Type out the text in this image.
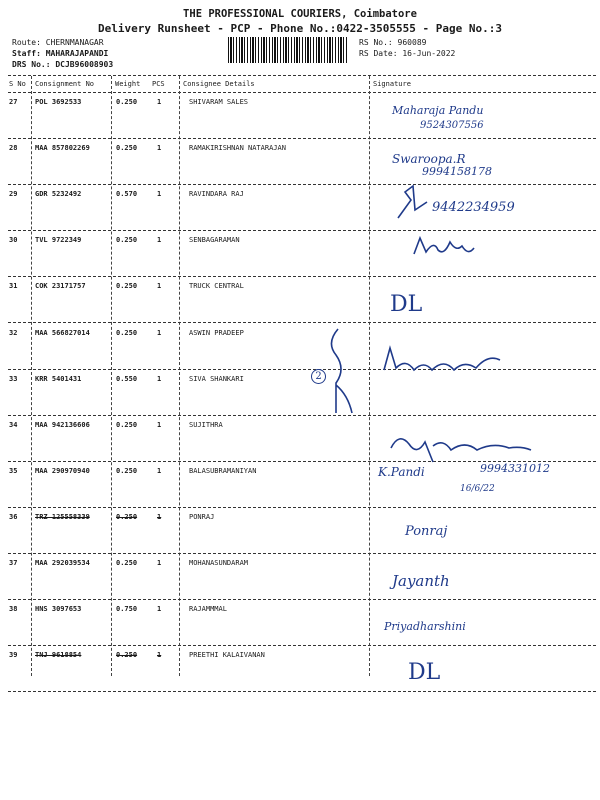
THE PROFESSIONAL COURIERS, Coimbatore
Delivery Runsheet - PCP - Phone No.:0422-3505555 - Page No.:3
Route: CHERNMANAGAR
Staff: MAHARAJAPANDI
DRS No.: DCJB96008903
RS No.: 960089
RS Date: 16-Jun-2022
S No Consignment No	Weight PCS	Consignee Details	Signature
27	POL 3692533	0.250	1	SHIVARAM SALES
28	MAA 857802269	0.250	1	RAMAKIRISHNAN NATARAJAN
29	GDR 5232492	0.570	1	RAVINDARA RAJ
30	TVL 9722349	0.250	1	SENBAGARAMAN
31	COK 23171757	0.250	1	TRUCK CENTRAL
32	MAA 566827014	0.250	1	ASWIN PRADEEP
33	KRR 5401431	0.550	1	SIVA SHANKARI
34	MAA 942136606	0.250	1	SUJITHRA
35	MAA 290970940	0.250	1	BALASUBRAMANIYAN
36	TRZ 125558339	0.250	1	PONRAJ
37	MAA 292039534	0.250	1	MOHANASUNDARAM
38	HNS 3097653	0.750	1	RAJAMMMAL
39	TNJ 9618854	0.250	1	PREETHI KALAIVANAN
Maharaja Pandu
9524307556
Swaroopa.R
9994158178
9442234959
DL
2
K.Pandi	9994331012
16/6/22
Ponraj
Jayanth
Priyadharshini
DL
